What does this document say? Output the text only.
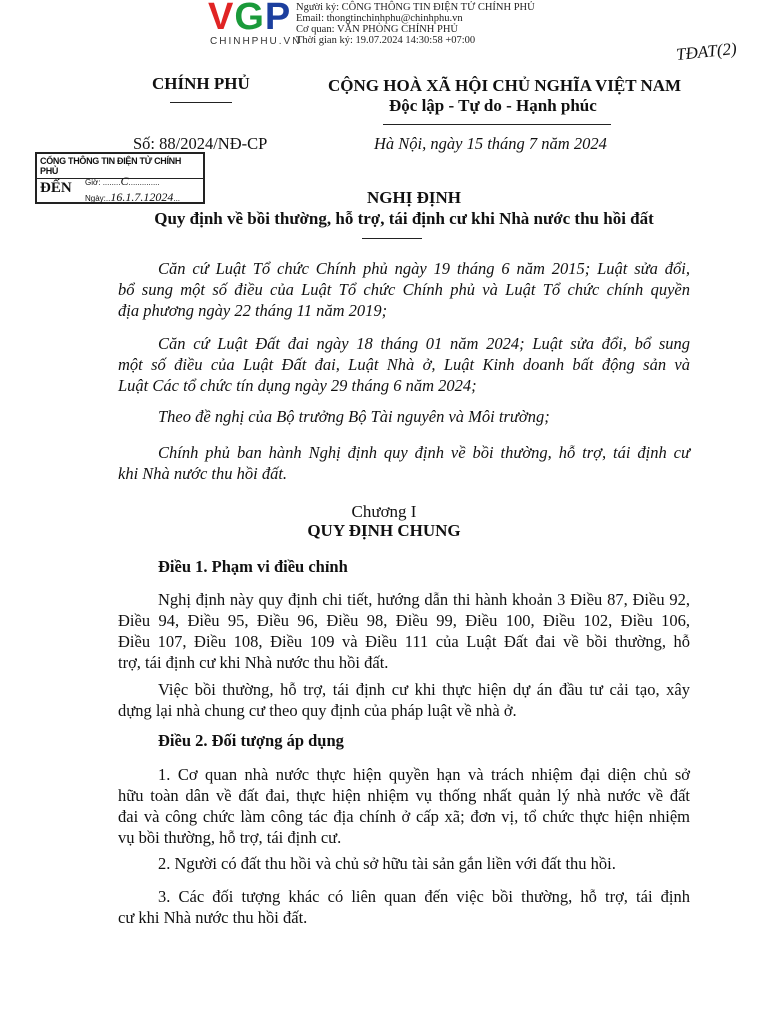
VGP
CHINHPHU.VN
Người ký: CÔNG THÔNG TIN ĐIỆN TỬ CHÍNH PHỦ
Email: thongtinchinhphu@chinhphu.vn
Cơ quan: VĂN PHÒNG CHÍNH PHỦ
Thời gian ký: 19.07.2024 14:30:58 +07:00	TĐAT(2)
CHÍNH PHỦ	CỘNG HOÀ XÃ HỘI CHỦ NGHĨA VIỆT NAM
Độc lập - Tự do - Hạnh phúc
Số: 88/2024/NĐ-CP	Hà Nội, ngày 15 tháng 7 năm 2024
CỔNG THÔNG TIN ĐIỆN TỬ CHÍNH PHỦ
ĐẾN Giờ: ........C..............
Ngày:..16.1.7.12024...	NGHỊ ĐỊNH
Quy định về bồi thường, hỗ trợ, tái định cư khi Nhà nước thu hồi đất
Căn cứ Luật Tổ chức Chính phủ ngày 19 tháng 6 năm 2015; Luật sửa đổi,
bổ sung một số điều của Luật Tổ chức Chính phủ và Luật Tổ chức chính quyền
địa phương ngày 22 tháng 11 năm 2019;
Căn cứ Luật Đất đai ngày 18 tháng 01 năm 2024; Luật sửa đổi, bổ sung
một số điều của Luật Đất đai, Luật Nhà ở, Luật Kinh doanh bất động sản và
Luật Các tổ chức tín dụng ngày 29 tháng 6 năm 2024;
Theo đề nghị của Bộ trưởng Bộ Tài nguyên và Môi trường;
Chính phủ ban hành Nghị định quy định về bồi thường, hỗ trợ, tái định cư
khi Nhà nước thu hồi đất.
Chương I
QUY ĐỊNH CHUNG
Điều 1. Phạm vi điều chỉnh
Nghị định này quy định chi tiết, hướng dẫn thi hành khoản 3 Điều 87, Điều 92,
Điều 94, Điều 95, Điều 96, Điều 98, Điều 99, Điều 100, Điều 102, Điều 106,
Điều 107, Điều 108, Điều 109 và Điều 111 của Luật Đất đai về bồi thường, hỗ
trợ, tái định cư khi Nhà nước thu hồi đất.
Việc bồi thường, hỗ trợ, tái định cư khi thực hiện dự án đầu tư cải tạo, xây
dựng lại nhà chung cư theo quy định của pháp luật về nhà ở.
Điều 2. Đối tượng áp dụng
1. Cơ quan nhà nước thực hiện quyền hạn và trách nhiệm đại diện chủ sở
hữu toàn dân về đất đai, thực hiện nhiệm vụ thống nhất quản lý nhà nước về đất
đai và công chức làm công tác địa chính ở cấp xã; đơn vị, tổ chức thực hiện nhiệm
vụ bồi thường, hỗ trợ, tái định cư.
2. Người có đất thu hồi và chủ sở hữu tài sản gắn liền với đất thu hồi.
3. Các đối tượng khác có liên quan đến việc bồi thường, hỗ trợ, tái định
cư khi Nhà nước thu hồi đất.
